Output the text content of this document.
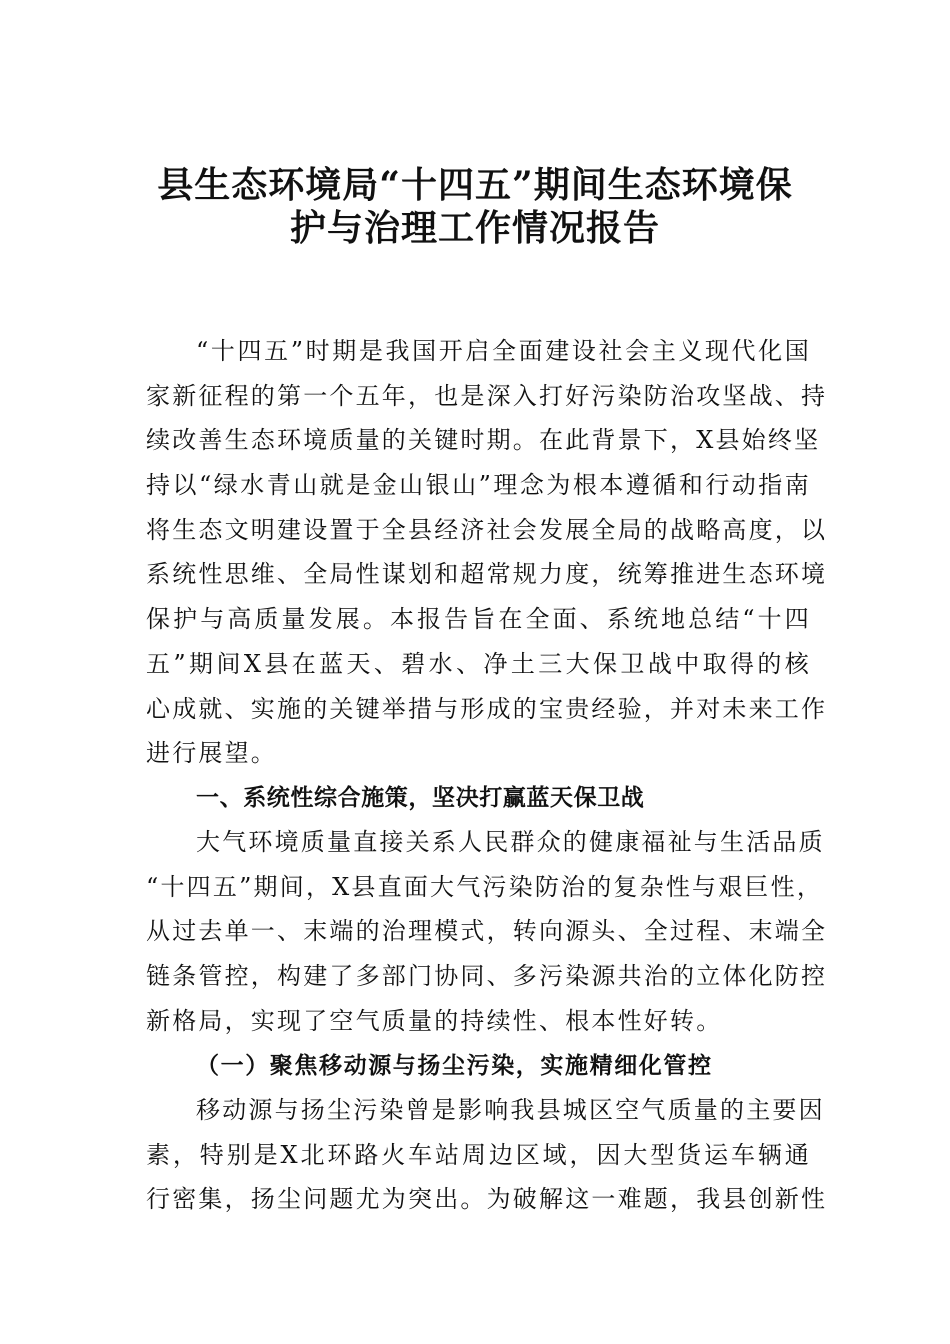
县生态环境局“十四五”期间生态环境保
护与治理工作情况报告
“十四五”时期是我国开启全面建设社会主义现代化国
家新征程的第一个五年，也是深入打好污染防治攻坚战、持
续改善生态环境质量的关键时期。在此背景下，X县始终坚
持以“绿水青山就是金山银山”理念为根本遵循和行动指南
将生态文明建设置于全县经济社会发展全局的战略高度，以
系统性思维、全局性谋划和超常规力度，统筹推进生态环境
保护与高质量发展。本报告旨在全面、系统地总结“十四
五”期间X县在蓝天、碧水、净土三大保卫战中取得的核
心成就、实施的关键举措与形成的宝贵经验，并对未来工作
进行展望。
一、系统性综合施策，坚决打赢蓝天保卫战
大气环境质量直接关系人民群众的健康福祉与生活品质
“十四五”期间，X县直面大气污染防治的复杂性与艰巨性，
从过去单一、末端的治理模式，转向源头、全过程、末端全
链条管控，构建了多部门协同、多污染源共治的立体化防控
新格局，实现了空气质量的持续性、根本性好转。
（一）聚焦移动源与扬尘污染，实施精细化管控
移动源与扬尘污染曾是影响我县城区空气质量的主要因
素，特别是X北环路火车站周边区域，因大型货运车辆通
行密集，扬尘问题尤为突出。为破解这一难题，我县创新性
